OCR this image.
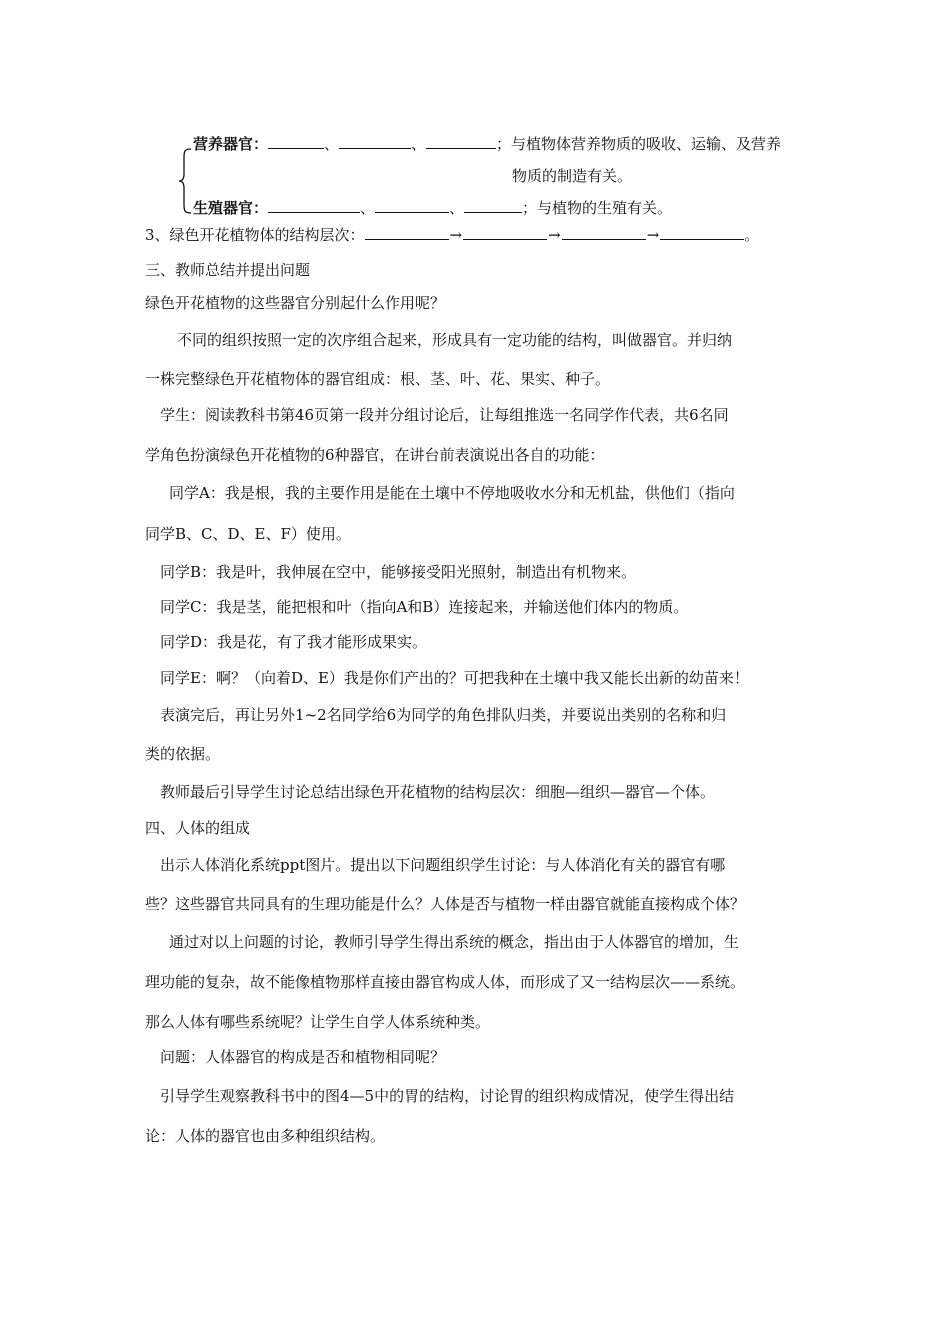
营养器官：	、	、	；与植物体营养物质的吸收、运输、及营养
物质的制造有关。
生殖器官：	、	、	；与植物的生殖有关。
3、绿色开花植物体的结构层次：	→	→	→	。
三、教师总结并提出问题
绿色开花植物的这些器官分别起什么作用呢？
不同的组织按照一定的次序组合起来，形成具有一定功能的结构，叫做器官。并归纳
一株完整绿色开花植物体的器官组成：根、茎、叶、花、果实、种子。
学生：阅读教科书第46页第一段并分组讨论后，让每组推选一名同学作代表，共6名同
学角色扮演绿色开花植物的6种器官，在讲台前表演说出各自的功能：
同学A：我是根，我的主要作用是能在土壤中不停地吸收水分和无机盐，供他们（指向
同学B、C、D、E、F）使用。
同学B：我是叶，我伸展在空中，能够接受阳光照射，制造出有机物来。
同学C：我是茎，能把根和叶（指向A和B）连接起来，并输送他们体内的物质。
同学D：我是花，有了我才能形成果实。
同学E：啊？（向着D、E）我是你们产出的？可把我种在土壤中我又能长出新的幼苗来！
表演完后，再让另外1~2名同学给6为同学的角色排队归类，并要说出类别的名称和归
类的依据。
教师最后引导学生讨论总结出绿色开花植物的结构层次：细胞—组织—器官—个体。
四、人体的组成
出示人体消化系统ppt图片。提出以下问题组织学生讨论：与人体消化有关的器官有哪
些？这些器官共同具有的生理功能是什么？人体是否与植物一样由器官就能直接构成个体？
通过对以上问题的讨论，教师引导学生得出系统的概念，指出由于人体器官的增加，生
理功能的复杂，故不能像植物那样直接由器官构成人体，而形成了又一结构层次——系统。
那么人体有哪些系统呢？让学生自学人体系统种类。
问题：人体器官的构成是否和植物相同呢？
引导学生观察教科书中的图4—5中的胃的结构，讨论胃的组织构成情况，使学生得出结
论：人体的器官也由多种组织结构。
